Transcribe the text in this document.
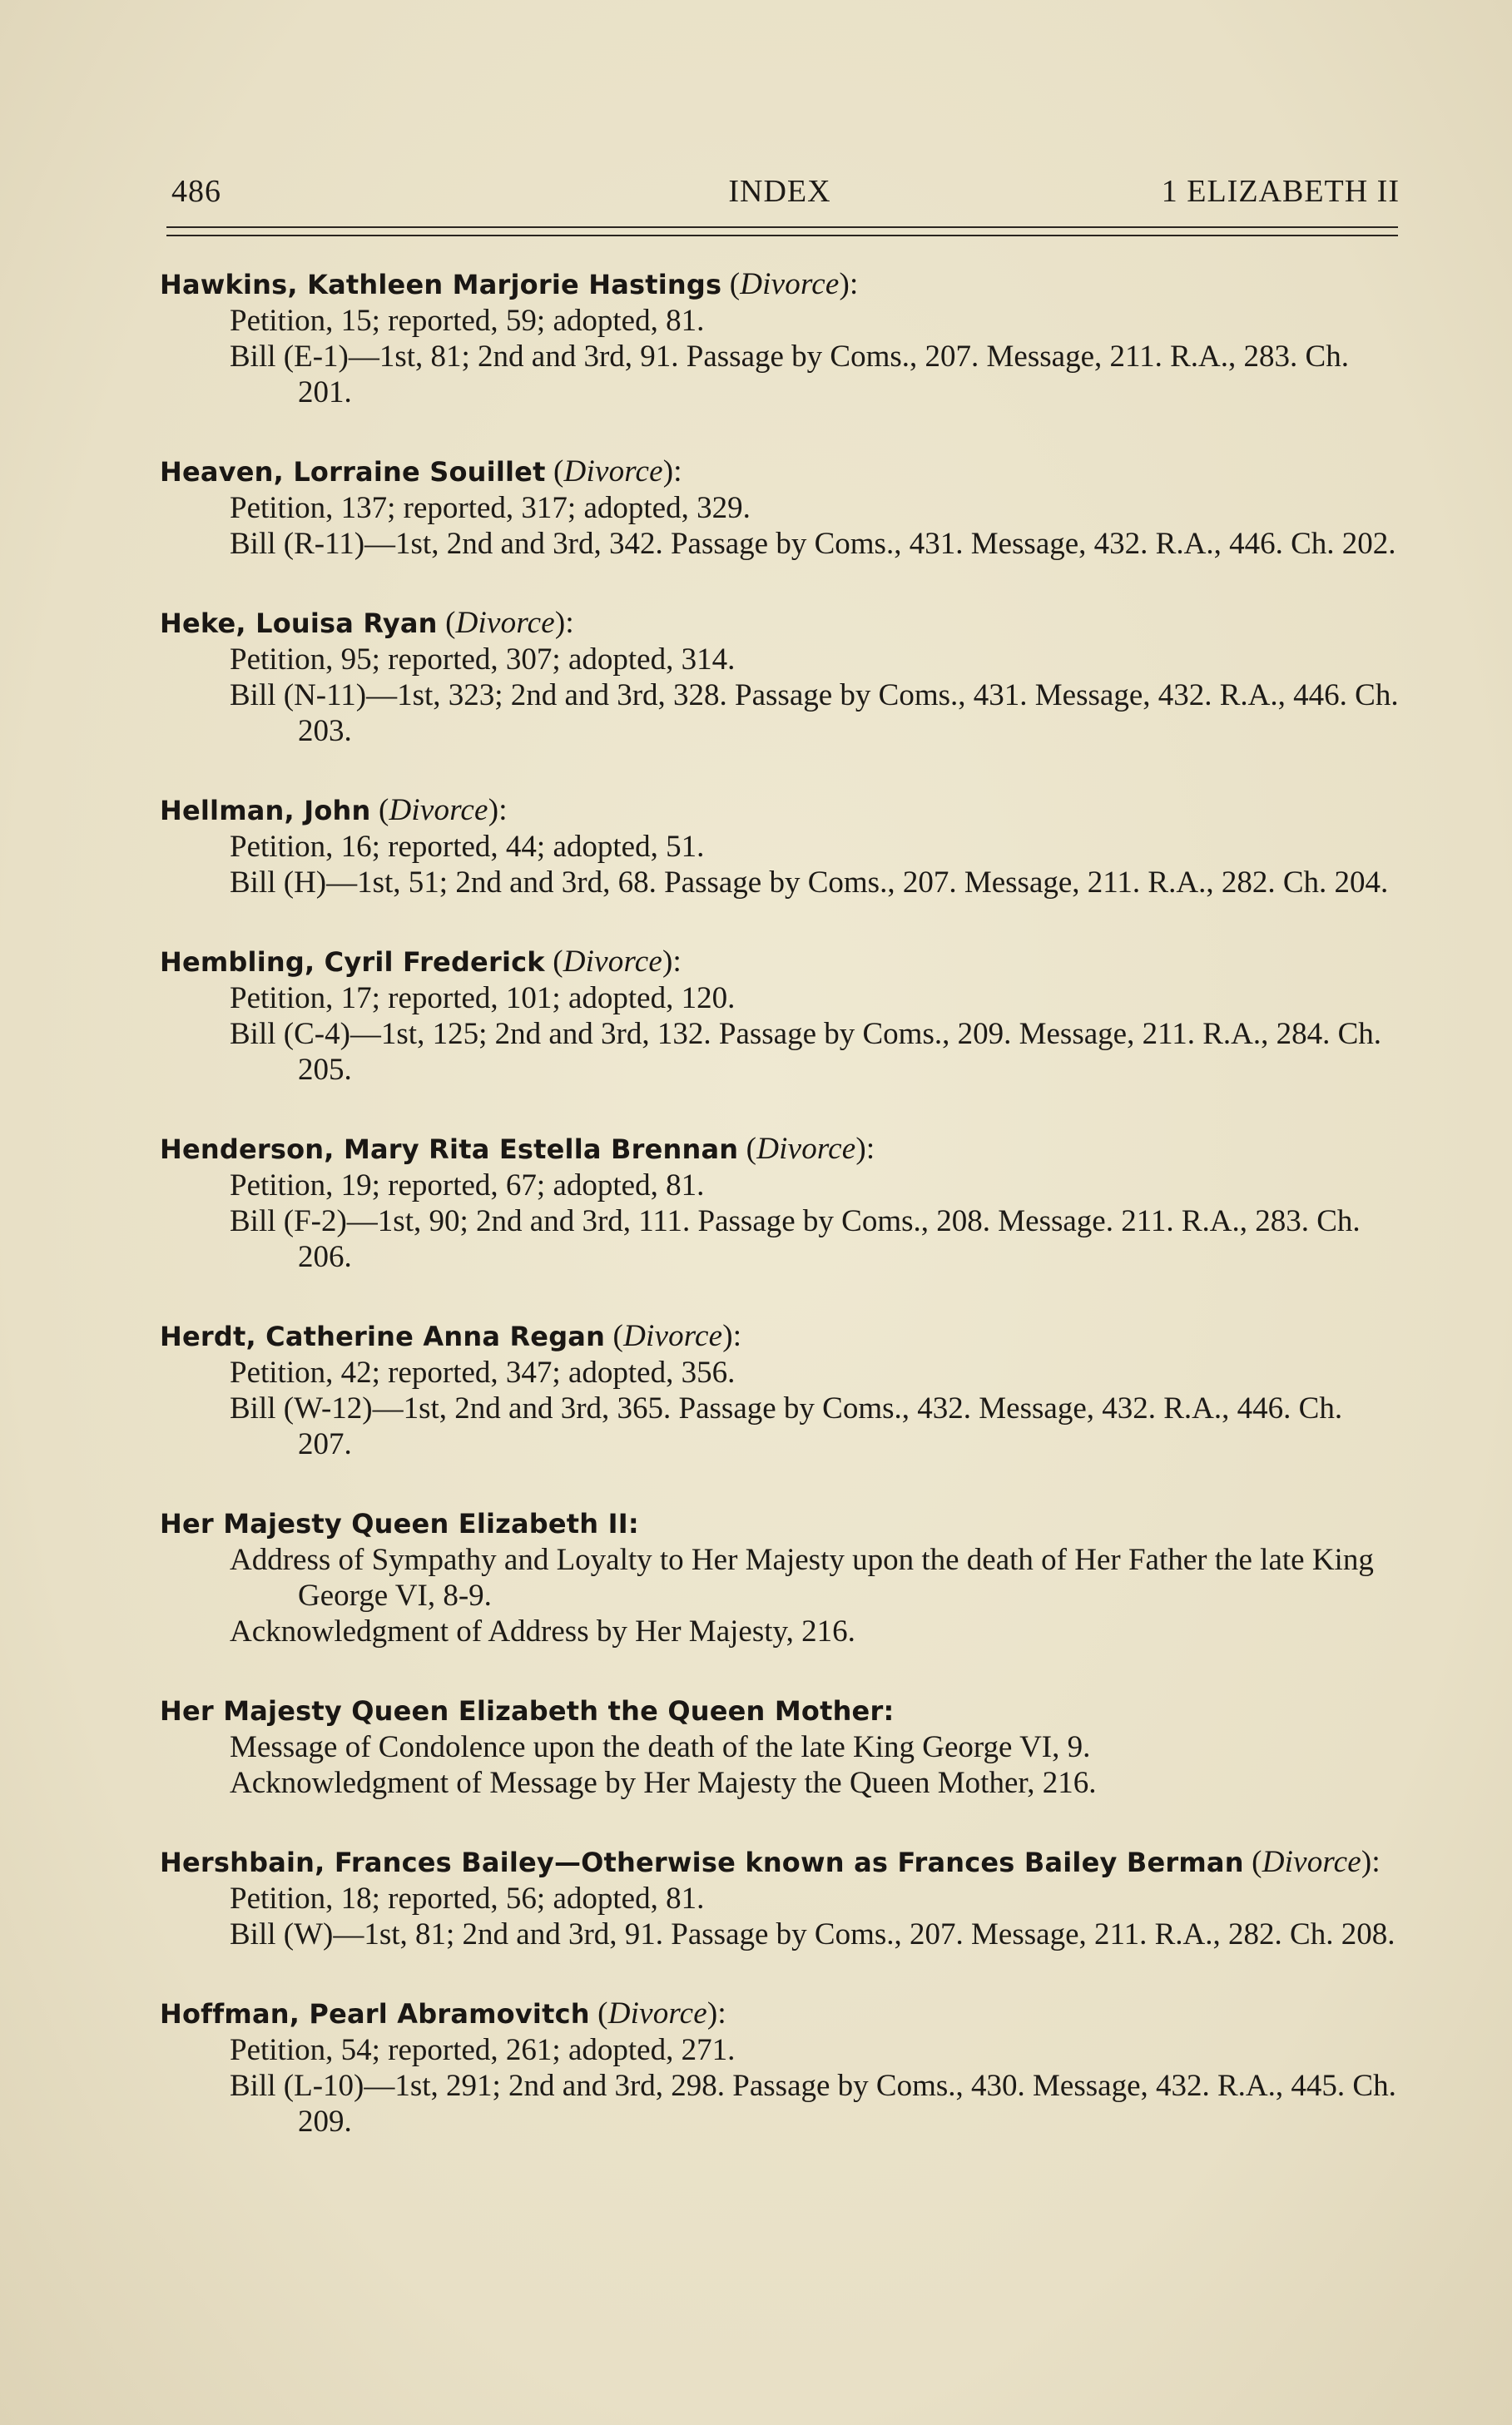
486	INDEX	1 ELIZABETH II
Hawkins, Kathleen Marjorie Hastings (Divorce):
Petition, 15; reported, 59; adopted, 81.
Bill (E-1)—1st, 81; 2nd and 3rd, 91. Passage by Coms., 207. Message, 211. R.A., 283. Ch. 201.
Heaven, Lorraine Souillet (Divorce):
Petition, 137; reported, 317; adopted, 329.
Bill (R-11)—1st, 2nd and 3rd, 342. Passage by Coms., 431. Message, 432. R.A., 446. Ch. 202.
Heke, Louisa Ryan (Divorce):
Petition, 95; reported, 307; adopted, 314.
Bill (N-11)—1st, 323; 2nd and 3rd, 328. Passage by Coms., 431. Message, 432. R.A., 446. Ch. 203.
Hellman, John (Divorce):
Petition, 16; reported, 44; adopted, 51.
Bill (H)—1st, 51; 2nd and 3rd, 68. Passage by Coms., 207. Message, 211. R.A., 282. Ch. 204.
Hembling, Cyril Frederick (Divorce):
Petition, 17; reported, 101; adopted, 120.
Bill (C-4)—1st, 125; 2nd and 3rd, 132. Passage by Coms., 209. Message, 211. R.A., 284. Ch. 205.
Henderson, Mary Rita Estella Brennan (Divorce):
Petition, 19; reported, 67; adopted, 81.
Bill (F-2)—1st, 90; 2nd and 3rd, 111. Passage by Coms., 208. Message. 211. R.A., 283. Ch. 206.
Herdt, Catherine Anna Regan (Divorce):
Petition, 42; reported, 347; adopted, 356.
Bill (W-12)—1st, 2nd and 3rd, 365. Passage by Coms., 432. Message, 432. R.A., 446. Ch. 207.
Her Majesty Queen Elizabeth II:
Address of Sympathy and Loyalty to Her Majesty upon the death of Her Father the late King George VI, 8-9.
Acknowledgment of Address by Her Majesty, 216.
Her Majesty Queen Elizabeth the Queen Mother:
Message of Condolence upon the death of the late King George VI, 9.
Acknowledgment of Message by Her Majesty the Queen Mother, 216.
Hershbain, Frances Bailey—Otherwise known as Frances Bailey Berman (Divorce):
Petition, 18; reported, 56; adopted, 81.
Bill (W)—1st, 81; 2nd and 3rd, 91. Passage by Coms., 207. Message, 211. R.A., 282. Ch. 208.
Hoffman, Pearl Abramovitch (Divorce):
Petition, 54; reported, 261; adopted, 271.
Bill (L-10)—1st, 291; 2nd and 3rd, 298. Passage by Coms., 430. Message, 432. R.A., 445. Ch. 209.
